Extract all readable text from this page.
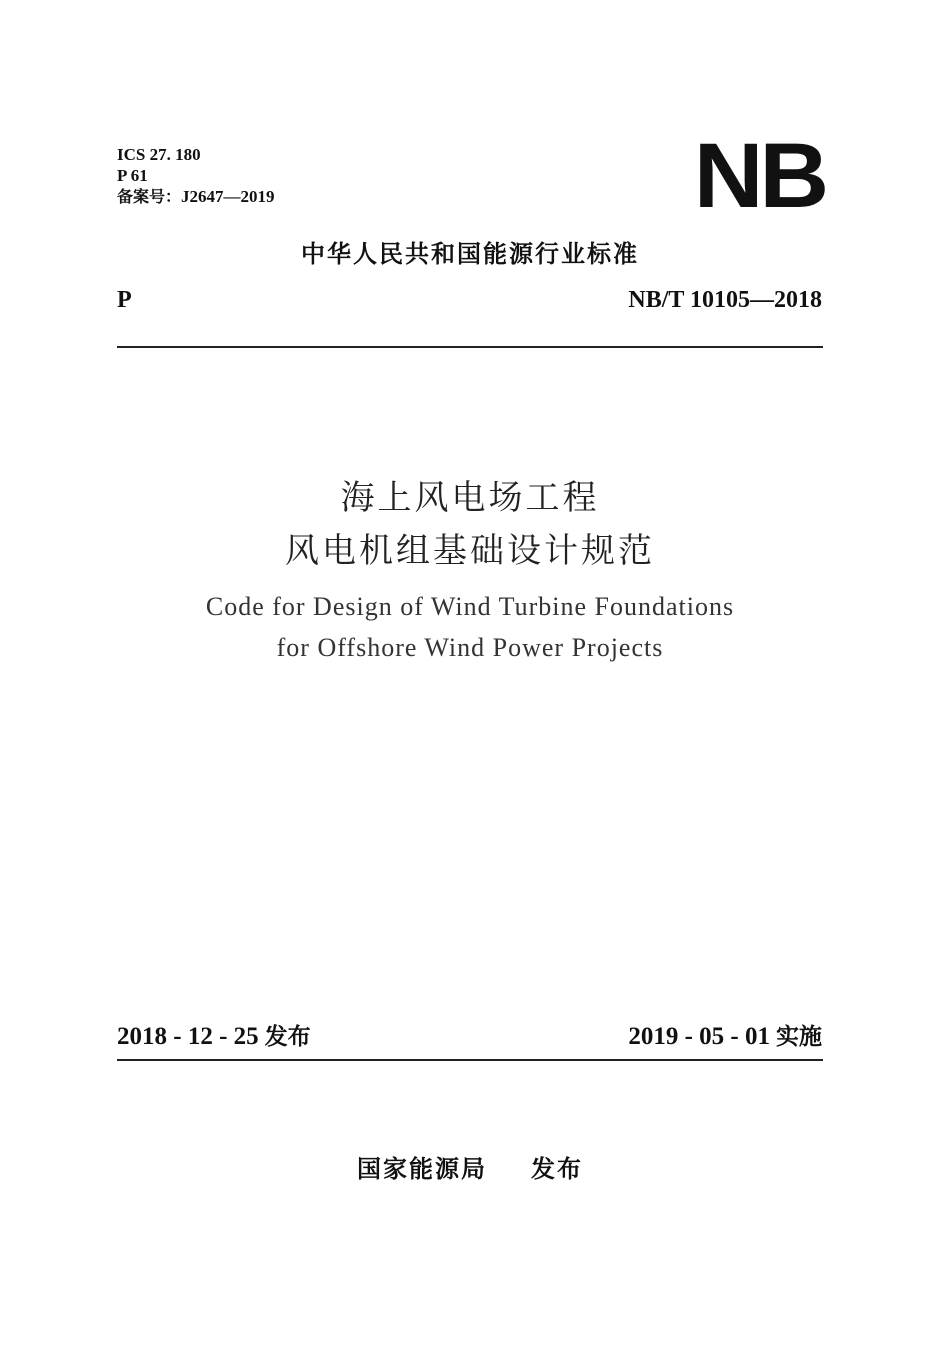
ICS 27. 180
P 61
备案号：J2647—2019	NB
中华人民共和国能源行业标准
P	NB/T 10105—2018
海上风电场工程
风电机组基础设计规范
Code for Design of Wind Turbine Foundations
for Offshore Wind Power Projects
2018 - 12 - 25 发布	2019 - 05 - 01 实施
国家能源局 发布
